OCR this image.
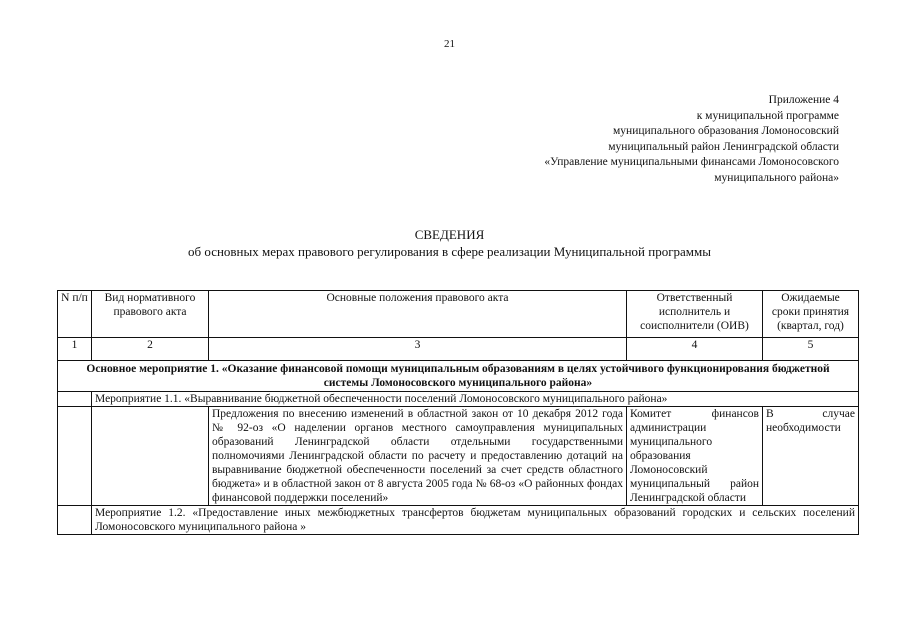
21
Приложение 4
к муниципальной программе
муниципального образования Ломоносовский
муниципальный район Ленинградской области
«Управление муниципальными финансами Ломоносовского
муниципального района»
СВЕДЕНИЯ
об основных мерах правового регулирования в сфере реализации Муниципальной программы
N п/п	Вид нормативного правового акта	Основные положения правового акта	Ответственный исполнитель и соисполнители (ОИВ)	Ожидаемые сроки принятия (квартал, год)
1	2	3	4	5
Основное мероприятие 1. «Оказание финансовой помощи муниципальным образованиям в целях устойчивого функционирования бюджетной системы Ломоносовского муниципального района»				
	Мероприятие 1.1. «Выравнивание бюджетной обеспеченности поселений Ломоносовского муниципального района»			
		Предложения по внесению изменений в областной закон от 10 декабря 2012 года № 92-оз «О наделении органов местного самоуправления муниципальных образований Ленинградской области отдельными государственными полномочиями Ленинградской области по расчету и предоставлению дотаций на выравнивание бюджетной обеспеченности поселений за счет средств областного бюджета» и в областной закон от 8 августа 2005 года № 68-оз «О районных фондах финансовой поддержки поселений»	Комитет финансов администрации муниципального образования Ломоносовский муниципальный район Ленинградской области	В случае необходимости
	Мероприятие 1.2. «Предоставление иных межбюджетных трансфертов бюджетам муниципальных образований городских и сельских поселений Ломоносовского муниципального района »			
